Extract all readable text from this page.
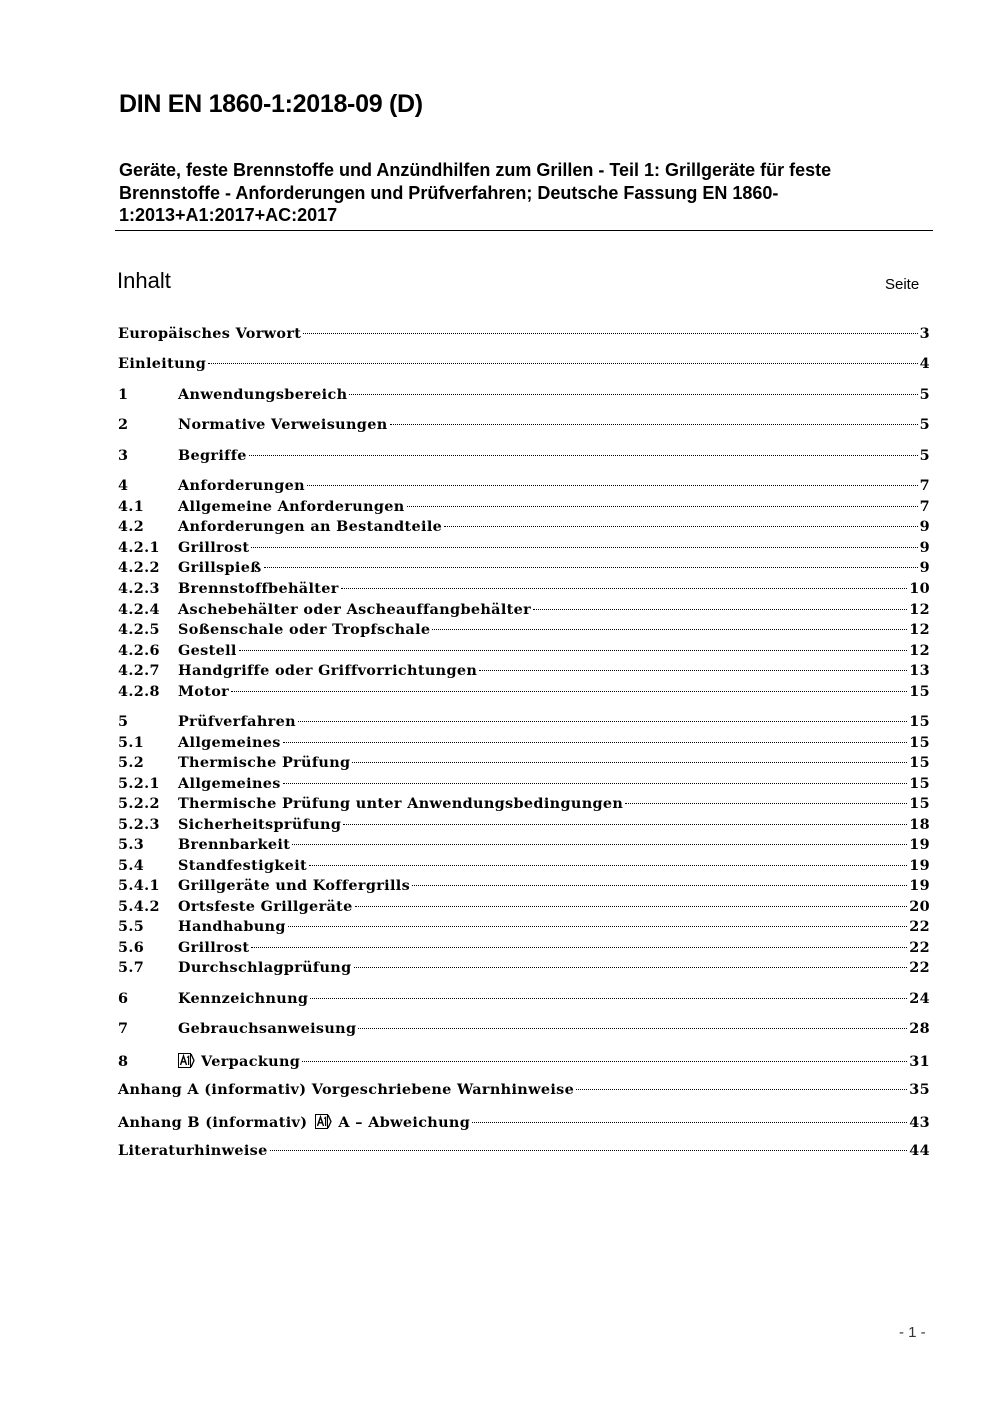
DIN EN 1860-1:2018-09 (D)
Geräte, feste Brennstoffe und Anzündhilfen zum Grillen - Teil 1: Grillgeräte für feste Brennstoffe - Anforderungen und Prüfverfahren; Deutsche Fassung EN 1860-1:2013+A1:2017+AC:2017
Inhalt	Seite
Europäisches Vorwort	3
Einleitung	4
1	Anwendungsbereich	5
2	Normative Verweisungen	5
3	Begriffe	5
4	Anforderungen	7
4.1	Allgemeine Anforderungen	7
4.2	Anforderungen an Bestandteile	9
4.2.1	Grillrost	9
4.2.2	Grillspieß	9
4.2.3	Brennstoffbehälter	10
4.2.4	Aschebehälter oder Ascheauffangbehälter	12
4.2.5	Soßenschale oder Tropfschale	12
4.2.6	Gestell	12
4.2.7	Handgriffe oder Griffvorrichtungen	13
4.2.8	Motor	15
5	Prüfverfahren	15
5.1	Allgemeines	15
5.2	Thermische Prüfung	15
5.2.1	Allgemeines	15
5.2.2	Thermische Prüfung unter Anwendungsbedingungen	15
5.2.3	Sicherheitsprüfung	18
5.3	Brennbarkeit	19
5.4	Standfestigkeit	19
5.4.1	Grillgeräte und Koffergrills	19
5.4.2	Ortsfeste Grillgeräte	20
5.5	Handhabung	22
5.6	Grillrost	22
5.7	Durchschlagprüfung	22
6	Kennzeichnung	24
7	Gebrauchsanweisung	28
8	Verpackung	31
Anhang A (informativ) Vorgeschriebene Warnhinweise	35
Anhang B (informativ) A – Abweichung	43
Literaturhinweise	44
- 1 -
